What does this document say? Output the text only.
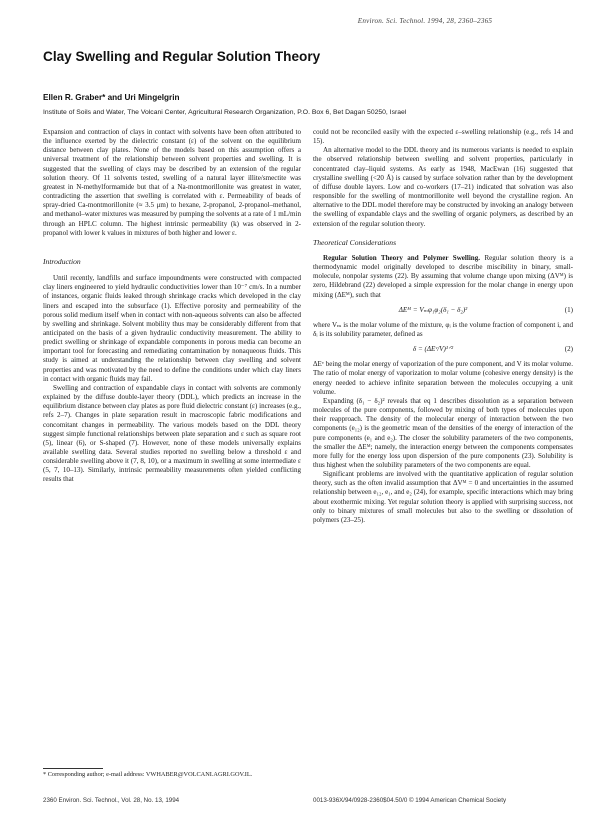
Environ. Sci. Technol. 1994, 28, 2360–2365
Clay Swelling and Regular Solution Theory
Ellen R. Graber* and Uri Mingelgrin
Institute of Soils and Water, The Volcani Center, Agricultural Research Organization, P.O. Box 6, Bet Dagan 50250, Israel

Expansion and contraction of clays in contact with solvents have been often attributed to the influence exerted by the dielectric constant (ε) of the solvent on the equilibrium distance between clay plates. None of the models based on this assumption offers a universal treatment of the relationship between solvent properties and swelling. It is suggested that the swelling of clays may be described by an extension of the regular solution theory. Of 11 solvents tested, swelling of a natural layer illite/smectite was greatest in N-methylformamide but that of a Na-montmorillonite was greatest in water, contradicting the assertion that swelling is correlated with ε. Permeability of beads of spray-dried Ca-montmorillonite (≈ 3.5 μm) to hexane, 2-propanol, 2-propanol–methanol, and methanol–water mixtures was measured by pumping the solvents at a rate of 1 mL/min through an HPLC column. The highest intrinsic permeability (k) was observed in 2-propanol with lower k values in mixtures of both higher and lower ε.

Introduction

Until recently, landfills and surface impoundments were constructed with compacted clay liners engineered to yield hydraulic conductivities lower than 10⁻⁷ cm/s. In a number of instances, organic fluids leaked through shrinkage cracks which developed in the clay liners and escaped into the subsurface (1). Effective porosity and permeability of the porous solid medium itself when in contact with non-aqueous solvents can also be affected by swelling and shrinkage. Solvent mobility thus may be considerably different from that anticipated on the basis of a given hydraulic conductivity measurement. The ability to predict swelling or shrinkage of expandable components in porous media can become an important tool for forecasting and remediating contamination by nonaqueous fluids. This study is aimed at understanding the relationship between clay swelling and solvent properties and was motivated by the need to define the conditions under which clay liners in contact with organic fluids may fail.

Swelling and contraction of expandable clays in contact with solvents are commonly explained by the diffuse double-layer theory (DDL), which predicts an increase in the equilibrium distance between clay plates as pore fluid dielectric constant (ε) increases (e.g., refs 2–7). Changes in plate separation result in macroscopic fabric modifications and concomitant changes in permeability. The various models based on the DDL theory suggest simple functional relationships between plate separation and ε such as square root (5), linear (6), or S-shaped (7). However, none of these models universally explains available swelling data. Several studies reported no swelling below a threshold ε and considerable swelling above it (7, 8, 10), or a maximum in swelling at some intermediate ε (5, 7, 10–13). Similarly, intrinsic permeability measurements often yielded conflicting results that

* Corresponding author; e-mail address: VWHABER@VOLCANI.AGRI.GOV.IL.

could not be reconciled easily with the expected ε–swelling relationship (e.g., refs 14 and 15).

An alternative model to the DDL theory and its numerous variants is needed to explain the observed relationship between swelling and solvent properties, particularly in concentrated clay–liquid systems. As early as 1948, MacEwan (16) suggested that crystalline swelling (<20 Å) is caused by surface solvation rather than by the development of diffuse double layers. Low and co-workers (17–21) indicated that solvation was also responsible for the swelling of montmorillonite well beyond the crystalline region. An alternative to the DDL model therefore may be constructed by invoking an analogy between the swelling of expandable clays and the swelling of organic polymers, as described by an extension of the regular solution theory.

Theoretical Considerations

Regular Solution Theory and Polymer Swelling. Regular solution theory is a thermodynamic model originally developed to describe miscibility in binary, small-molecule, nonpolar systems (22). By assuming that volume change upon mixing (ΔVᴹ) is zero, Hildebrand (22) developed a simple expression for the molar change in energy upon mixing (ΔEᴹ), such that

ΔEᴹ = Vₘφ₁φ₂(δ₁ − δ₂)²	(1)

where Vₘ is the molar volume of the mixture, φᵢ is the volume fraction of component i, and δᵢ is its solubility parameter, defined as

δ = (ΔEᵛ/V)¹ᐟ²	(2)

ΔEᵛ being the molar energy of vaporization of the pure component, and V its molar volume. The ratio of molar energy of vaporization to molar volume (cohesive energy density) is the energy needed to achieve infinite separation between the molecules occupying a unit volume.

Expanding (δ₁ − δ₂)² reveals that eq 1 describes dissolution as a separation between molecules of the pure components, followed by mixing of both types of molecules upon their reapproach. The density of the molecular energy of interaction between the two components (e₁₂) is the geometric mean of the densities of the energy of interaction of the pure components (e₁ and e₂). The closer the solubility parameters of the two components, the smaller the ΔEᴹ; namely, the interaction energy between the components compensates more fully for the energy loss upon dispersion of the pure components (23). Solubility is thus highest when the solubility parameters of the two components are equal.

Significant problems are involved with the quantitative application of regular solution theory, such as the often invalid assumption that ΔVᴹ = 0 and uncertainties in the assumed relationship between e₁₂, e₁, and e₂ (24), for example, specific interactions which may bring about exothermic mixing. Yet regular solution theory is applied with surprising success, not only to binary mixtures of small molecules but also to the swelling or dissolution of polymers (23–25).

2360 Environ. Sci. Technol., Vol. 28, No. 13, 1994	0013-936X/94/0928-2360$04.50/0 © 1994 American Chemical Society
